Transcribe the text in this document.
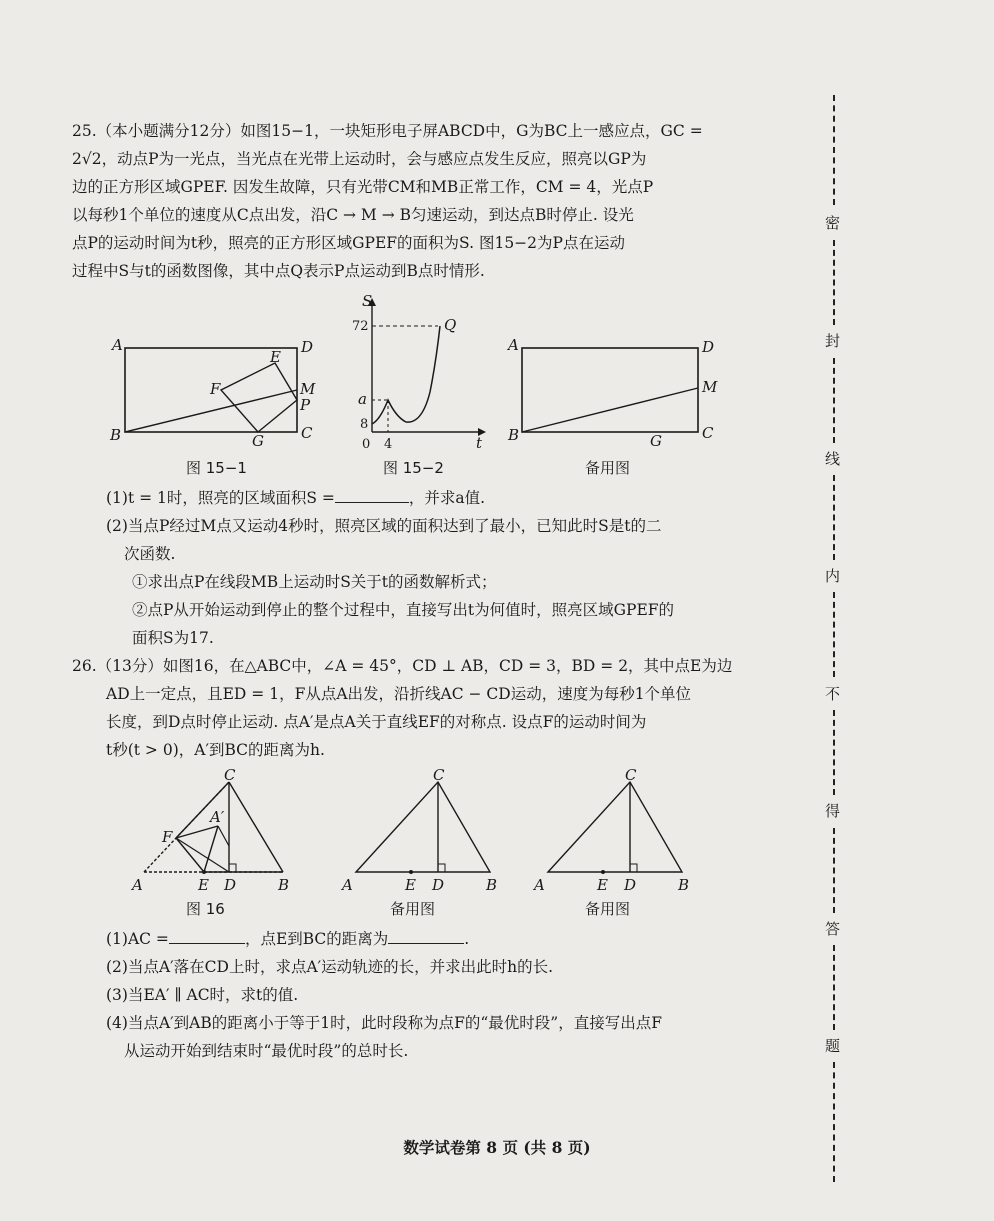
25.（本小题满分12分）如图15−1，一块矩形电子屏ABCD中，G为BC上一感应点，GC =

2√2，动点P为一光点，当光点在光带上运动时，会与感应点发生反应，照亮以GP为

边的正方形区域GPEF. 因发生故障，只有光带CM和MB正常工作，CM = 4，光点P

以每秒1个单位的速度从C点出发，沿C → M → B匀速运动，到达点B时停止. 设光

点P的运动时间为t秒，照亮的正方形区域GPEF的面积为S. 图15−2为P点在运动

过程中S与t的函数图像，其中点Q表示P点运动到B点时情形.

A	D
E
F	M
P
B	G C
图 15−1
S
t
72
a
8
0 4
Q
图 15−2
A	D
M
B	G	C
备用图

(1)t = 1时，照亮的区域面积S =	，并求a值.

(2)当点P经过M点又运动4秒时，照亮区域的面积达到了最小，已知此时S是t的二

次函数.

①求出点P在线段MB上运动时S关于t的函数解析式；

②点P从开始运动到停止的整个过程中，直接写出t为何值时，照亮区域GPEF的

面积S为17.

26.（13分）如图16，在△ABC中，∠A = 45°，CD ⊥ AB，CD = 3，BD = 2，其中点E为边

AD上一定点，且ED = 1，F从点A出发，沿折线AC − CD运动，速度为每秒1个单位

长度，到D点时停止运动. 点A′是点A关于直线EF的对称点. 设点F的运动时间为

t秒(t > 0)，A′到BC的距离为h.

C
F
A′
A	E D	B
图 16
C
A	E D	B
备用图
C
A	E D	B
备用图

(1)AC =	，点E到BC的距离为	.

(2)当点A′落在CD上时，求点A′运动轨迹的长，并求出此时h的长.

(3)当EA′ ∥ AC时，求t的值.

(4)当点A′到AB的距离小于等于1时，此时段称为点F的“最优时段”，直接写出点F

从运动开始到结束时“最优时段”的总时长.

数学试卷第 8 页 (共 8 页)
密
封
线
内
不
得
答
题
